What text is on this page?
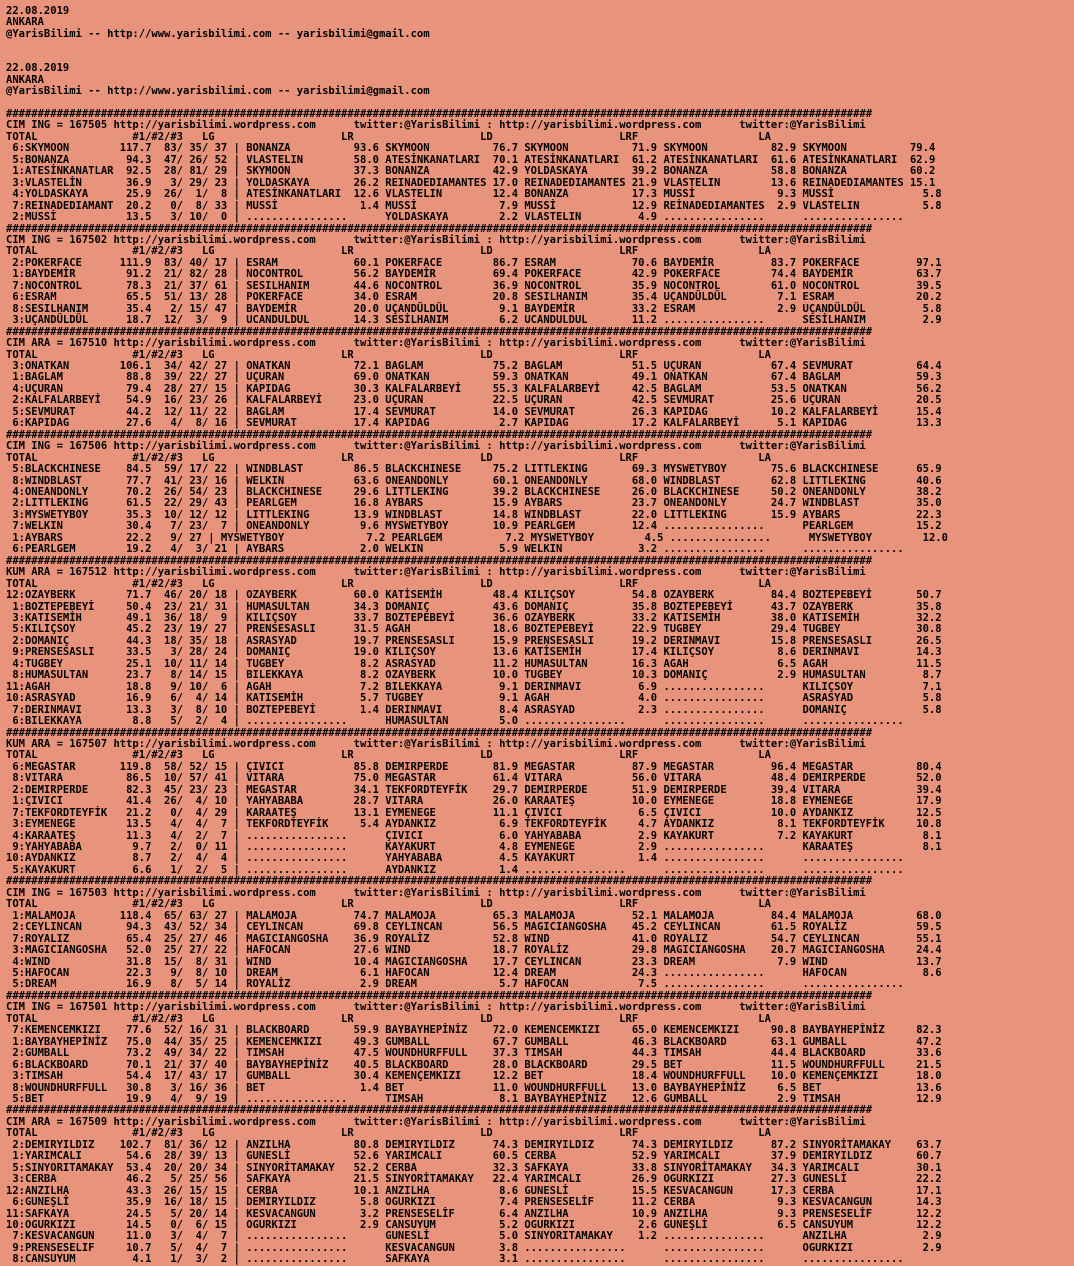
22.08.2019
ANKARA
@YarisBilimi -- http://www.yarisbilimi.com -- yarisbilimi@gmail.com

22.08.2019
ANKARA
@YarisBilimi -- http://www.yarisbilimi.com -- yarisbilimi@gmail.com

#########################################################################################################################################
CIM ING = 167505 http://yarisbilimi.wordpress.com      twitter:@YarisBilimi : http://yarisbilimi.wordpress.com      twitter:@YarisBilimi
TOTAL               #1/#2/#3   LG                    LR                    LD                    LRF                   LA
6:SKYMOON        117.7  83/ 35/ 37 | BONANZA          93.6 SKYMOON          76.7 SKYMOON          71.9 SKYMOON          82.9 SKYMOON          79.4
5:BONANZA         94.3  47/ 26/ 52 | VLASTELIN        58.0 ATESİNKANATLARI  70.1 ATESİNKANATLARI  61.2 ATESİNKANATLARI  61.6 ATESİNKANATLARI  62.9
1:ATESİNKANATLAR  92.5  28/ 81/ 29 | SKYMOON          37.3 BONANZA          42.9 YOLDASKAYA       39.2 BONANZA          58.8 BONANZA          60.2
3:VLASTELİN       36.9   3/ 29/ 23 | YOLDASKAYA       26.2 REINADEDIAMANTES 17.0 REINADEDIAMANTES 21.9 VLASTELIN        13.6 REINADEDIAMANTES 15.1
4:YOLDASKAYA      25.9  26/  1/  8 | ATESİNKANATLARI  12.6 VLASTELIN        12.4 BONANZA          17.3 MUSSİ             9.3 MUSSİ              5.8
7:REINADEDIAMANT  20.2   0/  8/ 33 | MUSSİ             1.4 MUSSİ             7.9 MUSSİ            12.9 REİNADEDIAMANTES  2.9 VLASTELIN          5.8
2:MUSSİ           13.5   3/ 10/  0 | ................      YOLDASKAYA        2.2 VLASTELIN         4.9 ................      ................
#########################################################################################################################################
CIM ING = 167502 http://yarisbilimi.wordpress.com      twitter:@YarisBilimi : http://yarisbilimi.wordpress.com      twitter:@YarisBilimi
TOTAL               #1/#2/#3   LG                    LR                    LD                    LRF                   LA
2:POKERFACE      111.9  83/ 40/ 17 | ESRAM            60.1 POKERFACE        86.7 ESRAM            70.6 BAYDEMİR         83.7 POKERFACE         97.1
1:BAYDEMİR        91.2  21/ 82/ 28 | NOCONTROL        56.2 BAYDEMİR         69.4 POKERFACE        42.9 POKERFACE        74.4 BAYDEMİR          63.7
7:NOCONTROL       78.3  21/ 37/ 61 | SESILHANIM       44.6 NOCONTROL        36.9 NOCONTROL        35.9 NOCONTROL        61.0 NOCONTROL         39.5
6:ESRAM           65.5  51/ 13/ 28 | POKERFACE        34.0 ESRAM            20.8 SESILHANIM       35.4 UÇANDÜLDÜL        7.1 ESRAM             20.2
8:SESILHANIM      35.4   2/ 15/ 47 | BAYDEMİR         20.0 UÇANDÜLDÜL        9.1 BAYDEMİR         33.2 ESRAM             2.9 UÇANDÜLDÜL         5.8
3:UÇANDÜLDÜL      18.7  12/  3/  9 | UCANDULDUL       14.3 SESİLHANIM        6.2 UCANDULDUL       11.2 ................      SESİLHANIM         2.9
#########################################################################################################################################
CIM ARA = 167510 http://yarisbilimi.wordpress.com      twitter:@YarisBilimi : http://yarisbilimi.wordpress.com      twitter:@YarisBilimi
TOTAL               #1/#2/#3   LG                    LR                    LD                    LRF                   LA
3:ONATKAN        106.1  34/ 42/ 27 | ONATKAN          72.1 BAGLAM           75.2 BAGLAM           51.5 UÇURAN           67.4 SEVMURAT          64.4
1:BAGLAM          88.8  39/ 22/ 27 | UÇURAN           69.0 ONATKAN          59.3 ONATKAN          49.1 ONATKAN          67.4 BAGLAM            59.3
4:UÇURAN          79.4  28/ 27/ 15 | KAPIDAG          30.3 KALFALARBEYİ     55.3 KALFALARBEYİ     42.5 BAGLAM           53.5 ONATKAN           56.2
2:KALFALARBEYİ    54.9  16/ 23/ 26 | KALFALARBEYİ     23.0 UÇURAN           22.5 UÇURAN           42.5 SEVMURAT         25.6 UÇURAN            20.5
5:SEVMURAT        44.2  12/ 11/ 22 | BAGLAM           17.4 SEVMURAT         14.0 SEVMURAT         26.3 KAPIDAG          10.2 KALFALARBEYİ      15.4
6:KAPIDAG         27.6   4/  8/ 16 | SEVMURAT         17.4 KAPIDAG           2.7 KAPIDAG          17.2 KALFALARBEYİ      5.1 KAPIDAG           13.3
#########################################################################################################################################
CIM ING = 167506 http://yarisbilimi.wordpress.com      twitter:@YarisBilimi : http://yarisbilimi.wordpress.com      twitter:@YarisBilimi
TOTAL               #1/#2/#3   LG                    LR                    LD                    LRF                   LA
5:BLACKCHINESE    84.5  59/ 17/ 22 | WINDBLAST        86.5 BLACKCHINESE     75.2 LITTLEKING       69.3 MYSWETYBOY       75.6 BLACKCHINESE      65.9
8:WINDBLAST       77.7  41/ 23/ 16 | WELKIN           63.6 ONEANDONLY       60.1 ONEANDONLY       68.0 WINDBLAST        62.8 LITTLEKING        40.6
4:ONEANDONLY      70.2  26/ 54/ 23 | BLACKCHINESE     29.6 LITTLEKING       39.2 BLACKCHINESE     26.0 BLACKCHINESE     50.2 ONEANDONLY        38.2
2:LITTLEKING      61.5  22/ 29/ 43 | PEARLGEM         16.8 AYBARS           15.9 AYBARS           23.7 ONEANDONLY       24.7 WINDBLAST         35.0
3:MYSWETYBOY      35.3  10/ 12/ 12 | LITTLEKING       13.9 WINDBLAST        14.8 WINDBLAST        22.0 LITTLEKING       15.9 AYBARS            22.3
7:WELKIN          30.4   7/ 23/  7 | ONEANDONLY        9.6 MYSWETYBOY       10.9 PEARLGEM         12.4 ................      PEARLGEM          15.2
1:AYBARS          22.2   9/ 27 | MYSWETYBOY             7.2 PEARLGEM          7.2 MYSWETYBOY        4.5 ................      MYSWETYBOY        12.0
6:PEARLGEM        19.2   4/  3/ 21 | AYBARS            2.0 WELKIN            5.9 WELKIN            3.2 ................      ................
#########################################################################################################################################
KUM ARA = 167512 http://yarisbilimi.wordpress.com      twitter:@YarisBilimi : http://yarisbilimi.wordpress.com      twitter:@YarisBilimi
TOTAL               #1/#2/#3   LG                    LR                    LD                    LRF                   LA
12:OZAYBERK        71.7  46/ 20/ 18 | OZAYBERK         60.0 KATİSEMİH        48.4 KILIÇSOY         54.8 OZAYBERK         84.4 BOZTEPEBEYİ       50.7
1:BOZTEPEBEYİ     50.4  23/ 21/ 31 | HUMASULTAN       34.3 DOMANIÇ          43.6 DOMANIÇ          35.8 BOZTEPEBEYİ      43.7 OZAYBERK          35.8
3:KATISEMİH       49.1  36/ 18/  9 | KILIÇSOY         33.7 BOZTEPEBEYİ      36.6 OZAYBERK         33.2 KATISEMİH        38.0 KATISEMİH         32.2
5:KILIÇSOY        45.2  23/ 19/ 27 | PRENSESASLI      31.5 AGAH             18.6 BOZTEPEBEYİ      22.9 TUGBEY           29.4 TUGBEY            30.8
2:DOMANIÇ         44.3  18/ 35/ 18 | ASRASYAD         19.7 PRENSESASLI      15.9 PRENSESASLI      19.2 DERINMAVI        15.8 PRENSESASLI       26.5
9:PRENSESASLI     33.5   3/ 28/ 24 | DOMANIÇ          19.0 KILIÇSOY         13.6 KATİSEMİH        17.4 KILIÇSOY          8.6 DERINMAVI         14.3
4:TUGBEY          25.1  10/ 11/ 14 | TUGBEY            8.2 ASRASYAD         11.2 HUMASULTAN       16.3 AGAH              6.5 AGAH              11.5
8:HUMASULTAN      23.7   8/ 14/ 15 | BILEKKAYA         8.2 OZAYBERK         10.0 TUGBEY           10.3 DOMANIÇ           2.9 HUMASULTAN         8.7
11:AGAH            18.8   9/ 10/  6 | AGAH              7.2 BILEKKAYA         9.1 DERINMAVI         6.9 ................      KILIÇSOY           7.1
10:ASRASYAD        16.9   6/  4/ 14 | KATISEMİH         5.7 TUGBEY            9.1 AGAH              4.0 ................      ASRASYAD           5.8
7:DERINMAVI       13.3   3/  8/ 10 | BOZTEPEBEYİ       1.4 DERINMAVI         8.4 ASRASYAD          2.3 ................      DOMANIÇ            5.8
6:BILEKKAYA        8.8   5/  2/  4 | ................      HUMASULTAN        5.0 ................      ................      ................
#########################################################################################################################################
KUM ARA = 167507 http://yarisbilimi.wordpress.com      twitter:@YarisBilimi : http://yarisbilimi.wordpress.com      twitter:@YarisBilimi
TOTAL               #1/#2/#3   LG                    LR                    LD                    LRF                   LA
6:MEGASTAR       119.8  58/ 52/ 15 | ÇIVICI           85.8 DEMIRPERDE       81.9 MEGASTAR         87.9 MEGASTAR         96.4 MEGASTAR          80.4
8:VITARA          86.5  10/ 57/ 41 | VITARA           75.0 MEGASTAR         61.4 VITARA           56.0 VITARA           48.4 DEMIRPERDE        52.0
2:DEMIRPERDE      82.3  45/ 23/ 23 | MEGASTAR         34.1 TEKFORDTEYFİK    29.7 DEMIRPERDE       51.9 DEMIRPERDE       39.4 VITARA            39.4
1:ÇIVICI          41.4  26/  4/ 10 | YAHYABABA        28.7 VITARA           26.0 KARAATEŞ         10.0 EYMENEGE         18.8 EYMENEGE          17.9
7:TEKFORDTEYFİK   21.2   0/  4/ 29 | KARAATEŞ         13.1 EYMENEGE         11.1 ÇIVICI            6.5 ÇIVICI           10.0 AYDANKIZ          12.5
3:EYMENEGE        13.5   4/  4/  7 | TEKFORDTEYFİK     5.4 AYDANKIZ          6.9 TEKFORDTEYFİK     4.7 AYDANKIZ          8.1 TEKFORDTEYFİK     10.8
4:KARAATEŞ        11.3   4/  2/  7 | ................      ÇIVICI            6.0 YAHYABABA         2.9 KAYAKURT          7.2 KAYAKURT           8.1
9:YAHYABABA        9.7   2/  0/ 11 | ................      KAYAKURT          4.8 EYMENEGE          2.9 ................      KARAATEŞ           8.1
10:AYDANKIZ         8.7   2/  4/  4 | ................      YAHYABABA         4.5 KAYAKURT          1.4 ................      ................
5:KAYAKURT         6.6   1/  2/  5 | ................      AYDANKIZ          1.4 ................      ................      ................
#########################################################################################################################################
CIM ING = 167503 http://yarisbilimi.wordpress.com      twitter:@YarisBilimi : http://yarisbilimi.wordpress.com      twitter:@YarisBilimi
TOTAL               #1/#2/#3   LG                    LR                    LD                    LRF                   LA
1:MALAMOJA       118.4  65/ 63/ 27 | MALAMOJA         74.7 MALAMOJA         65.3 MALAMOJA         52.1 MALAMOJA         84.4 MALAMOJA          68.0
2:CEYLINCAN       94.3  43/ 52/ 34 | CEYLINCAN        69.8 CEYLINCAN        56.5 MAGICIANGOSHA    45.2 CEYLINCAN        61.5 ROYALİZ           59.5
7:ROYALIZ         65.4  25/ 27/ 46 | MAGICIANGOSHA    36.9 ROYALİZ          52.8 WIND             41.0 ROYALIZ          54.7 CEYLINCAN         55.1
3:MAGICIANGOSHA   52.0  25/ 27/ 22 | HAFOCAN          27.6 WIND             18.7 ROYALİZ          29.8 MAGICIANGOSHA    20.7 MAGICIANGOSHA     24.4
4:WIND            31.8  15/  8/ 31 | WIND             10.4 MAGICIANGOSHA    17.7 CEYLINCAN        23.3 DREAM             7.9 WIND              13.7
5:HAFOCAN         22.3   9/  8/ 10 | DREAM             6.1 HAFOCAN          12.4 DREAM            24.3 ................      HAFOCAN            8.6
5:DREAM           16.9   8/  5/ 14 | ROYALİZ           2.9 DREAM             5.7 HAFOCAN           7.5 ................      ................
#########################################################################################################################################
CIM ING = 167501 http://yarisbilimi.wordpress.com      twitter:@YarisBilimi : http://yarisbilimi.wordpress.com      twitter:@YarisBilimi
TOTAL               #1/#2/#3   LG                    LR                    LD                    LRF                   LA
7:KEMENCEMKIZI    77.6  52/ 16/ 31 | BLACKBOARD       59.9 BAYBAYHEPİNİZ    72.0 KEMENCEMKIZI     65.0 KEMENCEMKIZI     90.8 BAYBAYHEPİNİZ     82.3
1:BAYBAYHEPİNİZ   75.0  44/ 35/ 25 | KEMENCEMKIZI     49.3 GUMBALL          67.7 GUMBALL          46.3 BLACKBOARD       63.1 GUMBALL           47.2
2:GUMBALL         73.2  49/ 34/ 22 | TIMSAH           47.5 WOUNDHURFFULL    37.3 TIMSAH           44.3 TIMSAH           44.4 BLACKBOARD        33.6
6:BLACKBOARD      70.1  21/ 37/ 40 | BAYBAYHEPİNİZ    40.5 BLACKBOARD       28.0 BLACKBOARD       29.5 BET              11.5 WOUNDHURFFULL     21.5
3:TIMSAH          54.4  17/ 43/ 17 | GUMBALL          30.4 KEMENÇEMKIZI     12.2 BET              18.4 WOUNDHURFFULL    10.0 KEMENÇEMKIZI      18.0
8:WOUNDHURFFULL   30.8   3/ 16/ 36 | BET               1.4 BET              11.0 WOUNDHURFFULL    13.0 BAYBAYHEPİNİZ     6.5 BET               13.6
5:BET             19.9   4/  9/ 19 | ................      TIMSAH            8.1 BAYBAYHEPİNİZ    12.6 GUMBALL           2.9 TIMSAH            12.9
#########################################################################################################################################
CIM ARA = 167509 http://yarisbilimi.wordpress.com      twitter:@YarisBilimi : http://yarisbilimi.wordpress.com      twitter:@YarisBilimi
TOTAL               #1/#2/#3   LG                    LR                    LD                    LRF                   LA
2:DEMIRYILDIZ    102.7  81/ 36/ 12 | ANZILHA          80.8 DEMIRYILDIZ      74.3 DEMIRYILDIZ      74.3 DEMIRYILDIZ      87.2 SINYORİTAMAKAY    63.7
1:YARIMCALI       54.6  28/ 39/ 13 | GUNESLİ          52.6 YARIMCALI        60.5 CERBA            52.9 YARIMCALI        37.9 DEMIRYILDIZ       60.7
5:SINYORITAMAKAY  53.4  20/ 20/ 34 | SINYORİTAMAKAY   52.2 CERBA            32.3 SAFKAYA          33.8 SINYORİTAMAKAY   34.3 YARIMCALI         30.1
3:CERBA           46.2   5/ 25/ 56 | SAFKAYA          21.5 SINYORİTAMAKAY   22.4 YARIMCALI        26.9 OGURKIZI         27.3 GUNESLİ           22.2
12:ANZILHA         43.3  26/ 15/ 15 | CERBA            10.1 ANZILHA           8.6 GUNESLİ          15.5 KESVACANGUN      17.3 CERBA             17.1
6:GUNEŞLİ         35.9  16/ 18/ 15 | DEMIRYILDIZ       5.8 OGURKIZI          7.4 PRENSESELİF      11.2 CERBA             9.3 KESVACANGUN       14.3
11:SAFKAYA         24.5   5/ 20/ 14 | KESVACANGUN       3.2 PRENSESELİF       6.4 ANZILHA          10.9 ANZILHA           9.3 PRENSESELİF       12.2
10:OGURKIZI        14.5   0/  6/ 15 | OGURKIZI          2.9 CANSUYUM          5.2 OGURKIZI          2.6 GUNEŞLİ           6.5 CANSUYUM          12.2
7:KESVACANGUN     11.0   3/  4/  7 | ................      GUNESLİ           5.0 SINYORITAMAKAY    1.2 ................      ANZILHA            2.9
9:PRENSESELIF     10.7   5/  4/  7 | ................      KESVACANGUN       3.8 ................      ................      OGURKIZI           2.9
8:CANSUYUM         4.1   1/  3/  2 | ................      SAFKAYA           3.1 ................      ................      ................
